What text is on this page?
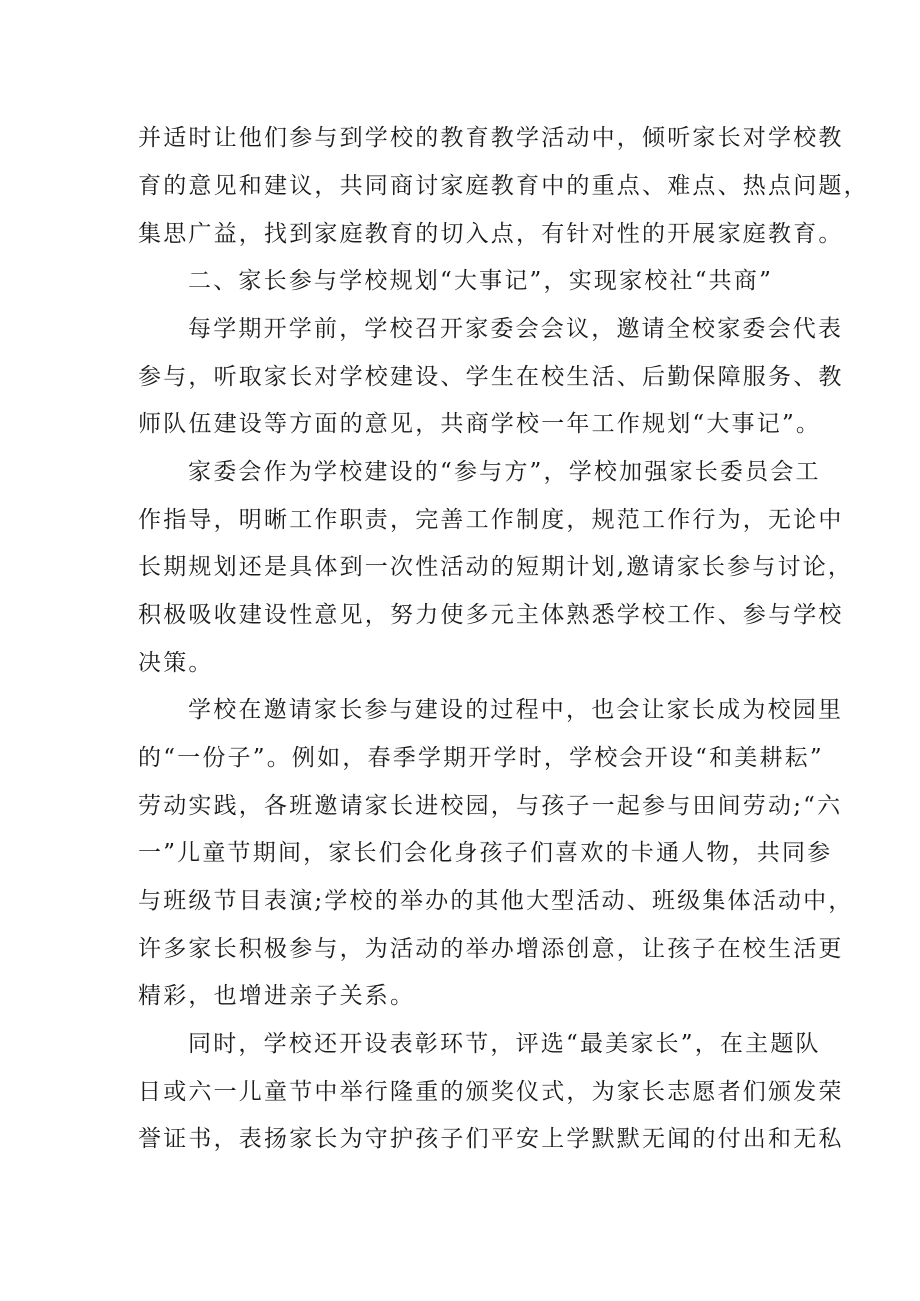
并适时让他们参与到学校的教育教学活动中，倾听家长对学校教
育的意见和建议，共同商讨家庭教育中的重点、难点、热点问题，
集思广益，找到家庭教育的切入点，有针对性的开展家庭教育。
二、家长参与学校规划“大事记”，实现家校社“共商”
每学期开学前，学校召开家委会会议，邀请全校家委会代表
参与，听取家长对学校建设、学生在校生活、后勤保障服务、教
师队伍建设等方面的意见，共商学校一年工作规划“大事记”。
家委会作为学校建设的“参与方”，学校加强家长委员会工
作指导，明晰工作职责，完善工作制度，规范工作行为，无论中
长期规划还是具体到一次性活动的短期计划,邀请家长参与讨论，
积极吸收建设性意见，努力使多元主体熟悉学校工作、参与学校
决策。
学校在邀请家长参与建设的过程中，也会让家长成为校园里
的“一份子”。例如，春季学期开学时，学校会开设“和美耕耘”
劳动实践，各班邀请家长进校园，与孩子一起参与田间劳动;“六
一”儿童节期间，家长们会化身孩子们喜欢的卡通人物，共同参
与班级节目表演;学校的举办的其他大型活动、班级集体活动中，
许多家长积极参与，为活动的举办增添创意，让孩子在校生活更
精彩，也增进亲子关系。
同时，学校还开设表彰环节，评选“最美家长”，在主题队
日或六一儿童节中举行隆重的颁奖仪式，为家长志愿者们颁发荣
誉证书，表扬家长为守护孩子们平安上学默默无闻的付出和无私
